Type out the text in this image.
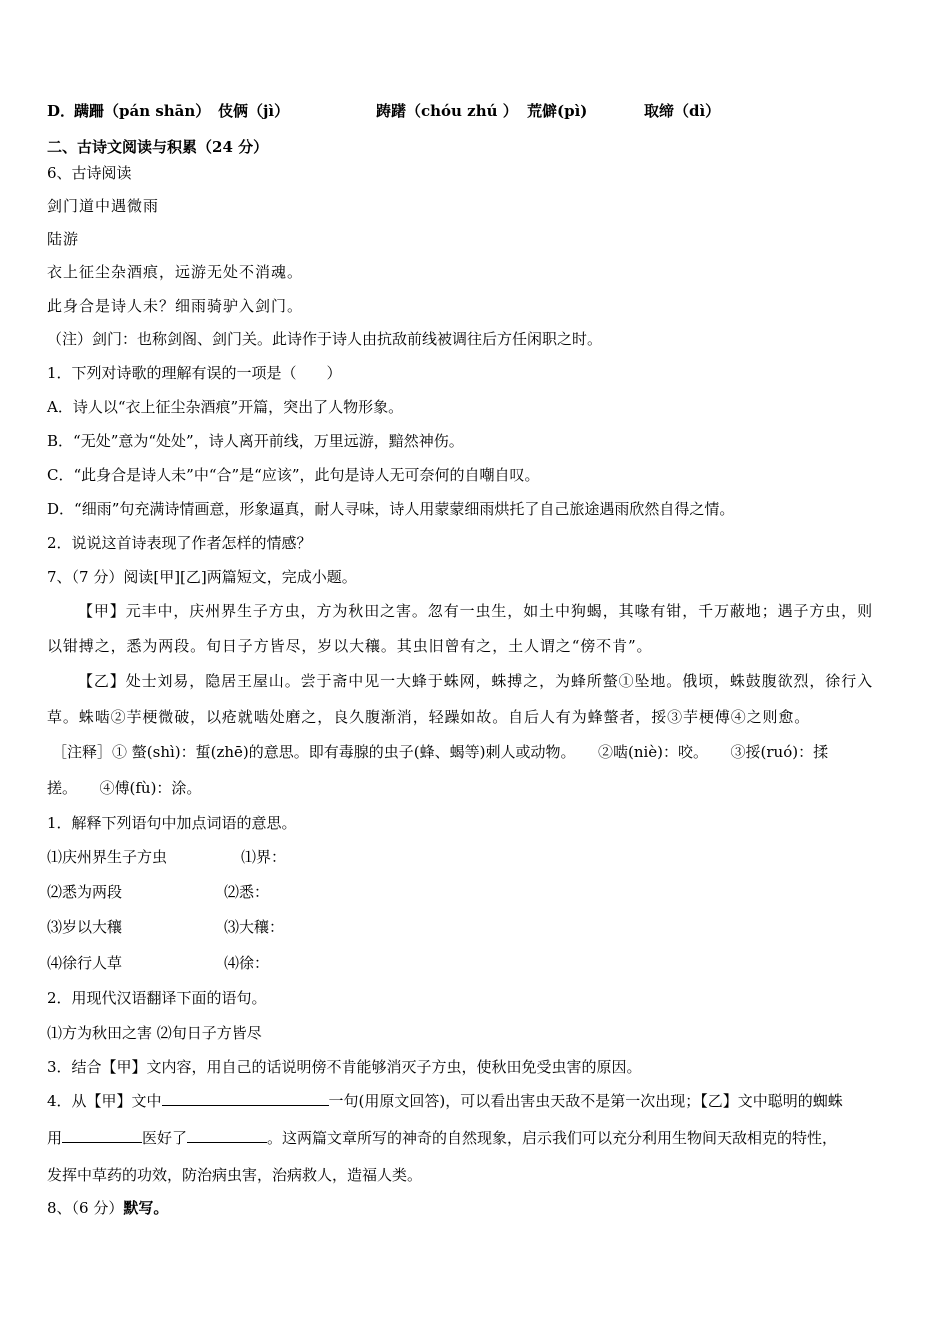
D．
蹒跚（pán shān） 伎俩（jì）	踌躇（chóu zhú ） 荒僻(pì)	取缔（dì）
二、古诗文阅读与积累（24 分）
6、古诗阅读
剑门道中遇微雨
陆游
衣上征尘杂酒痕，远游无处不消魂。
此身合是诗人未？细雨骑驴入剑门。
（注）剑门：也称剑阁、剑门关。此诗作于诗人由抗敌前线被调往后方任闲职之时。
1．下列对诗歌的理解有误的一项是（　　）
A．诗人以“衣上征尘杂酒痕”开篇，突出了人物形象。
B．“无处”意为“处处”，诗人离开前线，万里远游，黯然神伤。
C．“此身合是诗人未”中“合”是“应该”，此句是诗人无可奈何的自嘲自叹。
D．“细雨”句充满诗情画意，形象逼真，耐人寻味，诗人用蒙蒙细雨烘托了自己旅途遇雨欣然自得之情。
2．说说这首诗表现了作者怎样的情感？
7、（7 分）阅读[甲][乙]两篇短文，完成小题。
【甲】元丰中，庆州界生子方虫，方为秋田之害。忽有一虫生，如土中狗蝎，其喙有钳，千万蔽地；遇子方虫，则
以钳搏之，悉为两段。旬日子方皆尽，岁以大穰。其虫旧曾有之，土人谓之“傍不肯”。
【乙】处士刘易，隐居王屋山。尝于斋中见一大蜂于蛛网，蛛搏之，为蜂所螫①坠地。俄顷，蛛鼓腹欲烈，徐行入
草。蛛啮②芋梗微破，以疮就啮处磨之，良久腹渐消，轻躁如故。自后人有为蜂螫者，挼③芋梗傅④之则愈。
［注释］① 螫(shì)：蜇(zhē)的意思。即有毒腺的虫子(蜂、蝎等)刺人或动物。　　②啮(niè)：咬。　　③挼(ruó)：揉
搓。　　④傅(fù)：涂。
1．解释下列语句中加点词语的意思。
⑴庆州界生子方虫	⑴界：
⑵悉为两段	⑵悉：
⑶岁以大穰	⑶大穰：
⑷徐行人草	⑷徐：
2．用现代汉语翻译下面的语句。
⑴方为秋田之害 ⑵旬日子方皆尽
3．结合【甲】文内容，用自己的话说明傍不肯能够消灭子方虫，使秋田免受虫害的原因。
4．从【甲】文中	一句(用原文回答)，可以看出害虫天敌不是第一次出现；【乙】文中聪明的蜘蛛
用	医好了	。这两篇文章所写的神奇的自然现象，启示我们可以充分利用生物间天敌相克的特性，
发挥中草药的功效，防治病虫害，治病救人，造福人类。
8、（6 分）默写。
